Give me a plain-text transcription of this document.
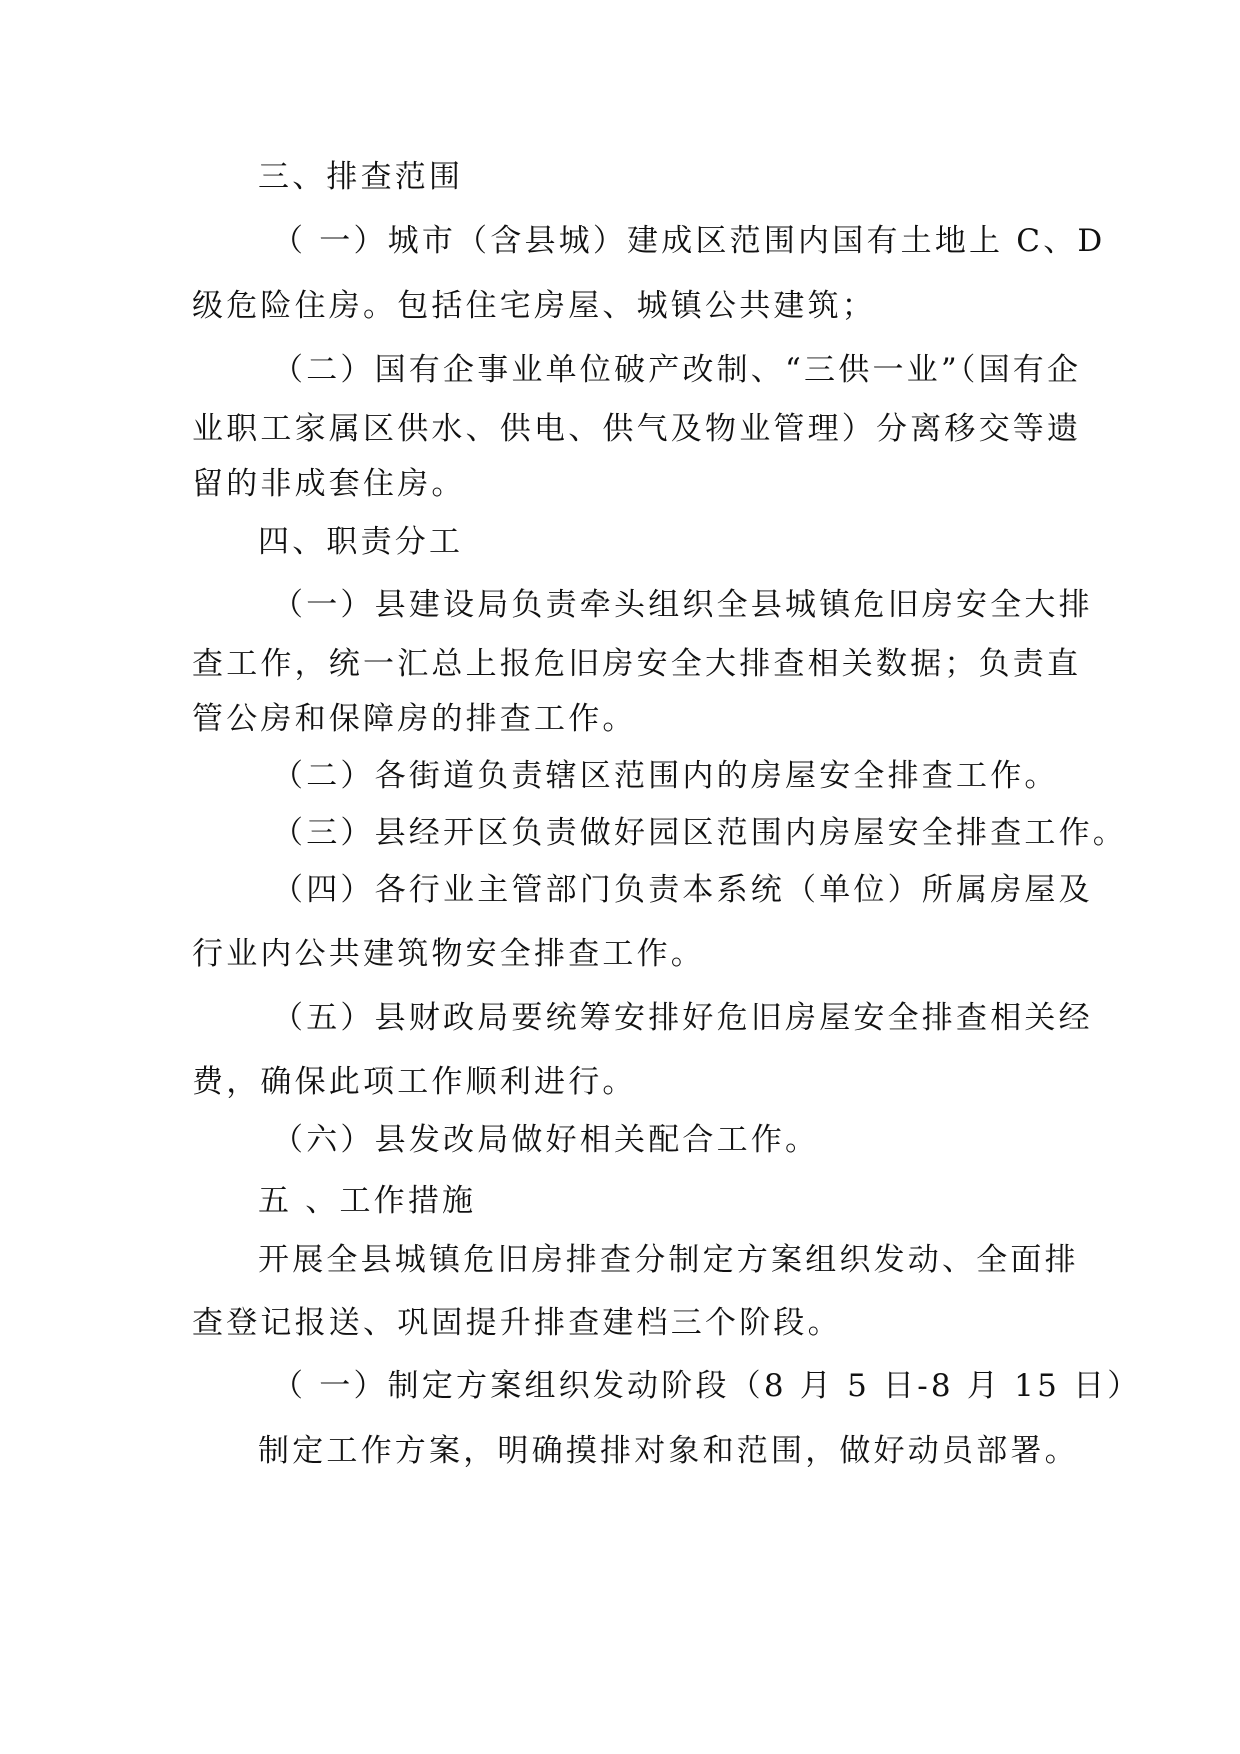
三、排查范围
（ 一）城市（含县城）建成区范围内国有土地上 C、D
级危险住房。包括住宅房屋、城镇公共建筑；
（二）国有企事业单位破产改制、“三供一业”（国有企
业职工家属区供水、供电、供气及物业管理）分离移交等遗
留的非成套住房。
四、职责分工
（一）县建设局负责牵头组织全县城镇危旧房安全大排
查工作，统一汇总上报危旧房安全大排查相关数据；负责直
管公房和保障房的排查工作。
（二）各街道负责辖区范围内的房屋安全排查工作。
（三）县经开区负责做好园区范围内房屋安全排查工作。
（四）各行业主管部门负责本系统（单位）所属房屋及
行业内公共建筑物安全排查工作。
（五）县财政局要统筹安排好危旧房屋安全排查相关经
费，确保此项工作顺利进行。
（六）县发改局做好相关配合工作。
五 、工作措施
开展全县城镇危旧房排查分制定方案组织发动、全面排
查登记报送、巩固提升排查建档三个阶段。
（ 一）制定方案组织发动阶段（8 月 5 日-8 月 15 日）
制定工作方案，明确摸排对象和范围，做好动员部署。
